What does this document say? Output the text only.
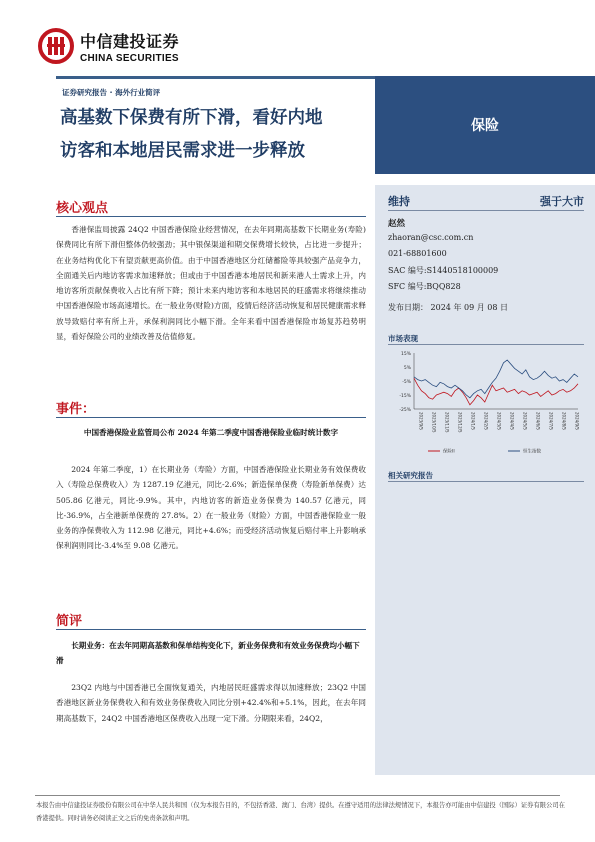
中信建投证券
CHINA SECURITIES
证券研究报告 · 海外行业简评
高基数下保费有所下滑，看好内地
访客和本地居民需求进一步释放
保险
维持	强于大市
赵然
zhaoran@csc.com.cn
021-68801600
SAC 编号:S1440518100009
SFC 编号:BQQ828
发布日期： 2024 年 09 月 08 日
市场表现
15%
5%
-5%
-15%
-25%
2023/9/5 2023/10/5 2023/11/5 2023/12/5 2024/1/5 2024/2/5 2024/3/5 2024/4/5 2024/5/5 2024/6/5 2024/7/5 2024/8/5 2024/9/5
保险II	恒生指数
相关研究报告
核心观点
香港保监局披露 24Q2 中国香港保险业经营情况，在去年同期高基数下长期业务(寿险)保费同比有所下滑但整体仍较强劲；其中银保渠道和期交保费增长较快，占比进一步提升；在业务结构优化下有望贡献更高价值。由于中国香港地区分红储蓄险等具较强产品竞争力，全面通关后内地访客需求加速释放；但或由于中国香港本地居民和新来港人士需求上升，内地访客所贡献保费收入占比有所下降；预计未来内地访客和本地居民的旺盛需求将继续推动中国香港保险市场高速增长。在一般业务(财险)方面，疫情后经济活动恢复和居民健康需求释放导致赔付率有所上升，承保利润同比小幅下滑。全年来看中国香港保险市场复苏趋势明显，看好保险公司的业绩改善及估值修复。
事件：
中国香港保险业监管局公布 2024 年第二季度中国香港保险业临时统计数字
2024 年第二季度，1）在长期业务（寿险）方面，中国香港保险业长期业务有效保费收入（寿险总保费收入）为 1287.19 亿港元，同比-2.6%；新造保单保费（寿险新单保费）达 505.86 亿港元，同比-9.9%。其中，内地访客的新造业务保费为 140.57 亿港元，同比-36.9%，占全港新单保费的 27.8%。2）在一般业务（财险）方面，中国香港保险业一般业务的净保费收入为 112.98 亿港元，同比+4.6%；而受经济活动恢复后赔付率上升影响承保利润则同比-3.4%至 9.08 亿港元。
简评
长期业务：在去年同期高基数和保单结构变化下，新业务保费和有效业务保费均小幅下滑
23Q2 内地与中国香港已全面恢复通关，内地居民旺盛需求得以加速释放；23Q2 中国香港地区新业务保费收入和有效业务保费收入同比分别+42.4%和+5.1%，因此，在去年同期高基数下，24Q2 中国香港地区保费收入出现一定下滑。分期限来看，24Q2，
本报告由中信建投证券股份有限公司在中华人民共和国（仅为本报告目的，不包括香港、澳门、台湾）提供。在遵守适用的法律法规情况下，本报告亦可能由中信建投（国际）证券有限公司在香港提供。同时请务必阅读正文之后的免责条款和声明。
